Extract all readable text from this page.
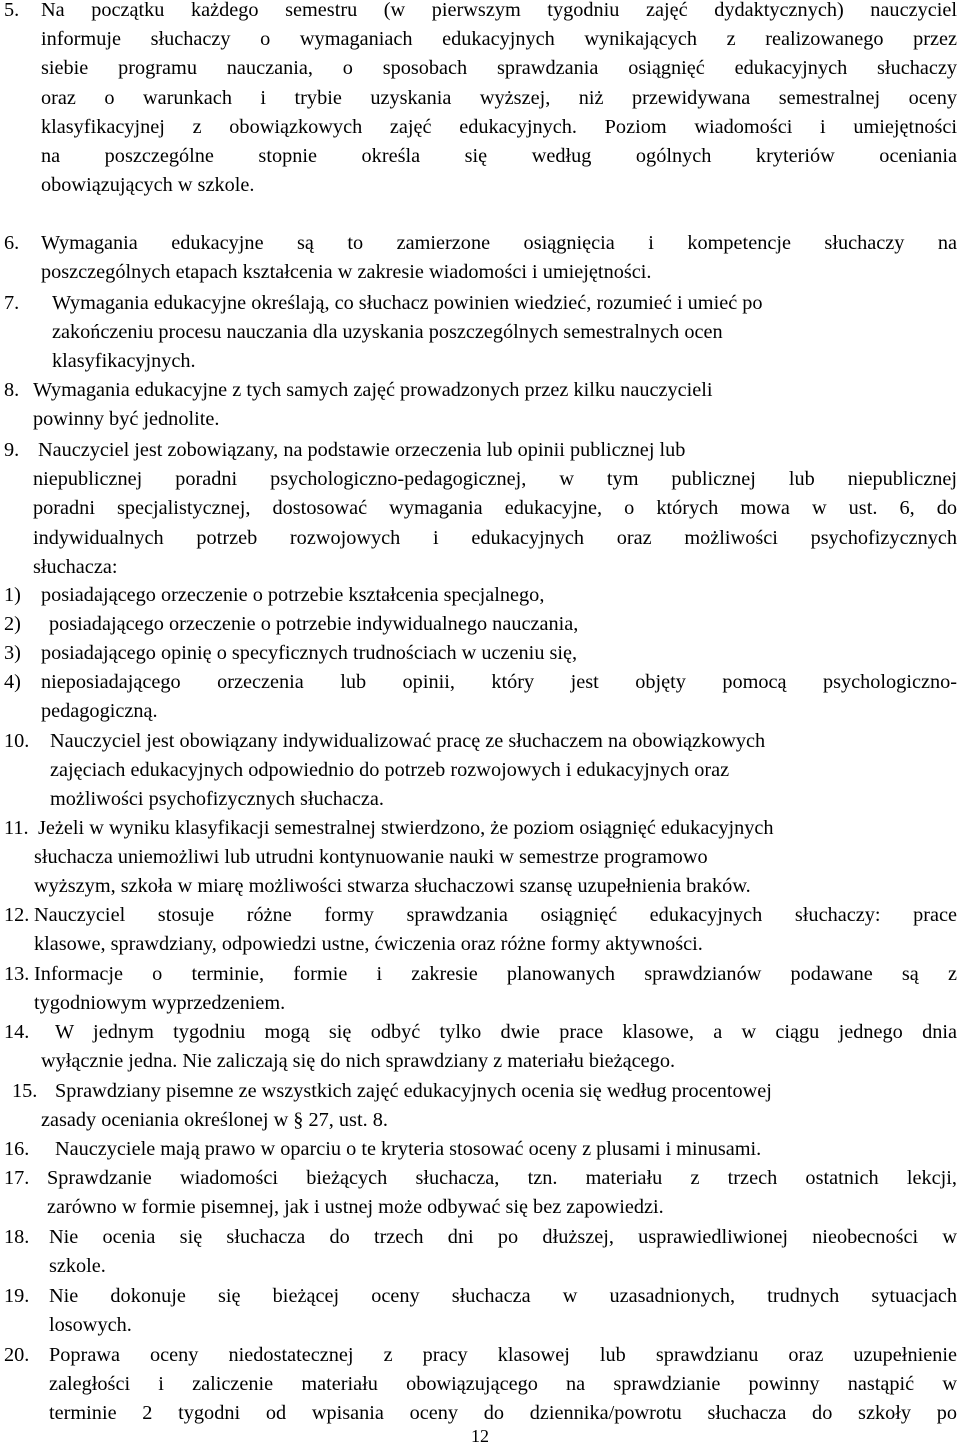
5. Na początku każdego semestru (w pierwszym tygodniu zajęć dydaktycznych) nauczyciel
informuje słuchaczy o wymaganiach edukacyjnych wynikających z realizowanego przez
siebie programu nauczania, o sposobach sprawdzania osiągnięć edukacyjnych słuchaczy
oraz o warunkach i trybie uzyskania wyższej, niż przewidywana semestralnej oceny
klasyfikacyjnej z obowiązkowych zajęć edukacyjnych. Poziom wiadomości i umiejętności
na poszczególne stopnie określa się według ogólnych kryteriów oceniania
obowiązujących w szkole.
6. Wymagania edukacyjne są to zamierzone osiągnięcia i kompetencje słuchaczy na
poszczególnych etapach kształcenia w zakresie wiadomości i umiejętności.
7. Wymagania edukacyjne określają, co słuchacz powinien wiedzieć, rozumieć i umieć po
zakończeniu procesu nauczania dla uzyskania poszczególnych semestralnych ocen
klasyfikacyjnych.
8. Wymagania edukacyjne z tych samych zajęć prowadzonych przez kilku nauczycieli
powinny być jednolite.
9. Nauczyciel jest zobowiązany, na podstawie orzeczenia lub opinii publicznej lub
niepublicznej poradni psychologiczno-pedagogicznej, w tym publicznej lub niepublicznej
poradni specjalistycznej, dostosować wymagania edukacyjne, o których mowa w ust. 6, do
indywidualnych potrzeb rozwojowych i edukacyjnych oraz możliwości psychofizycznych
słuchacza:
1) posiadającego orzeczenie o potrzebie kształcenia specjalnego,
2) posiadającego orzeczenie o potrzebie indywidualnego nauczania,
3) posiadającego opinię o specyficznych trudnościach w uczeniu się,
4) nieposiadającego orzeczenia lub opinii, który jest objęty pomocą psychologiczno-
pedagogiczną.
10. Nauczyciel jest obowiązany indywidualizować pracę ze słuchaczem na obowiązkowych
zajęciach edukacyjnych odpowiednio do potrzeb rozwojowych i edukacyjnych oraz
możliwości psychofizycznych słuchacza.
11. Jeżeli w wyniku klasyfikacji semestralnej stwierdzono, że poziom osiągnięć edukacyjnych
słuchacza uniemożliwi lub utrudni kontynuowanie nauki w semestrze programowo
wyższym, szkoła w miarę możliwości stwarza słuchaczowi szansę uzupełnienia braków.
12. Nauczyciel stosuje różne formy sprawdzania osiągnięć edukacyjnych słuchaczy: prace
klasowe, sprawdziany, odpowiedzi ustne, ćwiczenia oraz różne formy aktywności.
13. Informacje o terminie, formie i zakresie planowanych sprawdzianów podawane są z
tygodniowym wyprzedzeniem.
14. W jednym tygodniu mogą się odbyć tylko dwie prace klasowe, a w ciągu jednego dnia
wyłącznie jedna. Nie zaliczają się do nich sprawdziany z materiału bieżącego.
15. Sprawdziany pisemne ze wszystkich zajęć edukacyjnych ocenia się według procentowej
zasady oceniania określonej w § 27, ust. 8.
16. Nauczyciele mają prawo w oparciu o te kryteria stosować oceny z plusami i minusami.
17. Sprawdzanie wiadomości bieżących słuchacza, tzn. materiału z trzech ostatnich lekcji,
zarówno w formie pisemnej, jak i ustnej może odbywać się bez zapowiedzi.
18. Nie ocenia się słuchacza do trzech dni po dłuższej, usprawiedliwionej nieobecności w
szkole.
19. Nie dokonuje się bieżącej oceny słuchacza w uzasadnionych, trudnych sytuacjach
losowych.
20. Poprawa oceny niedostatecznej z pracy klasowej lub sprawdzianu oraz uzupełnienie
zaległości i zaliczenie materiału obowiązującego na sprawdzianie powinny nastąpić w
terminie 2 tygodni od wpisania oceny do dziennika/powrotu słuchacza do szkoły po
12
